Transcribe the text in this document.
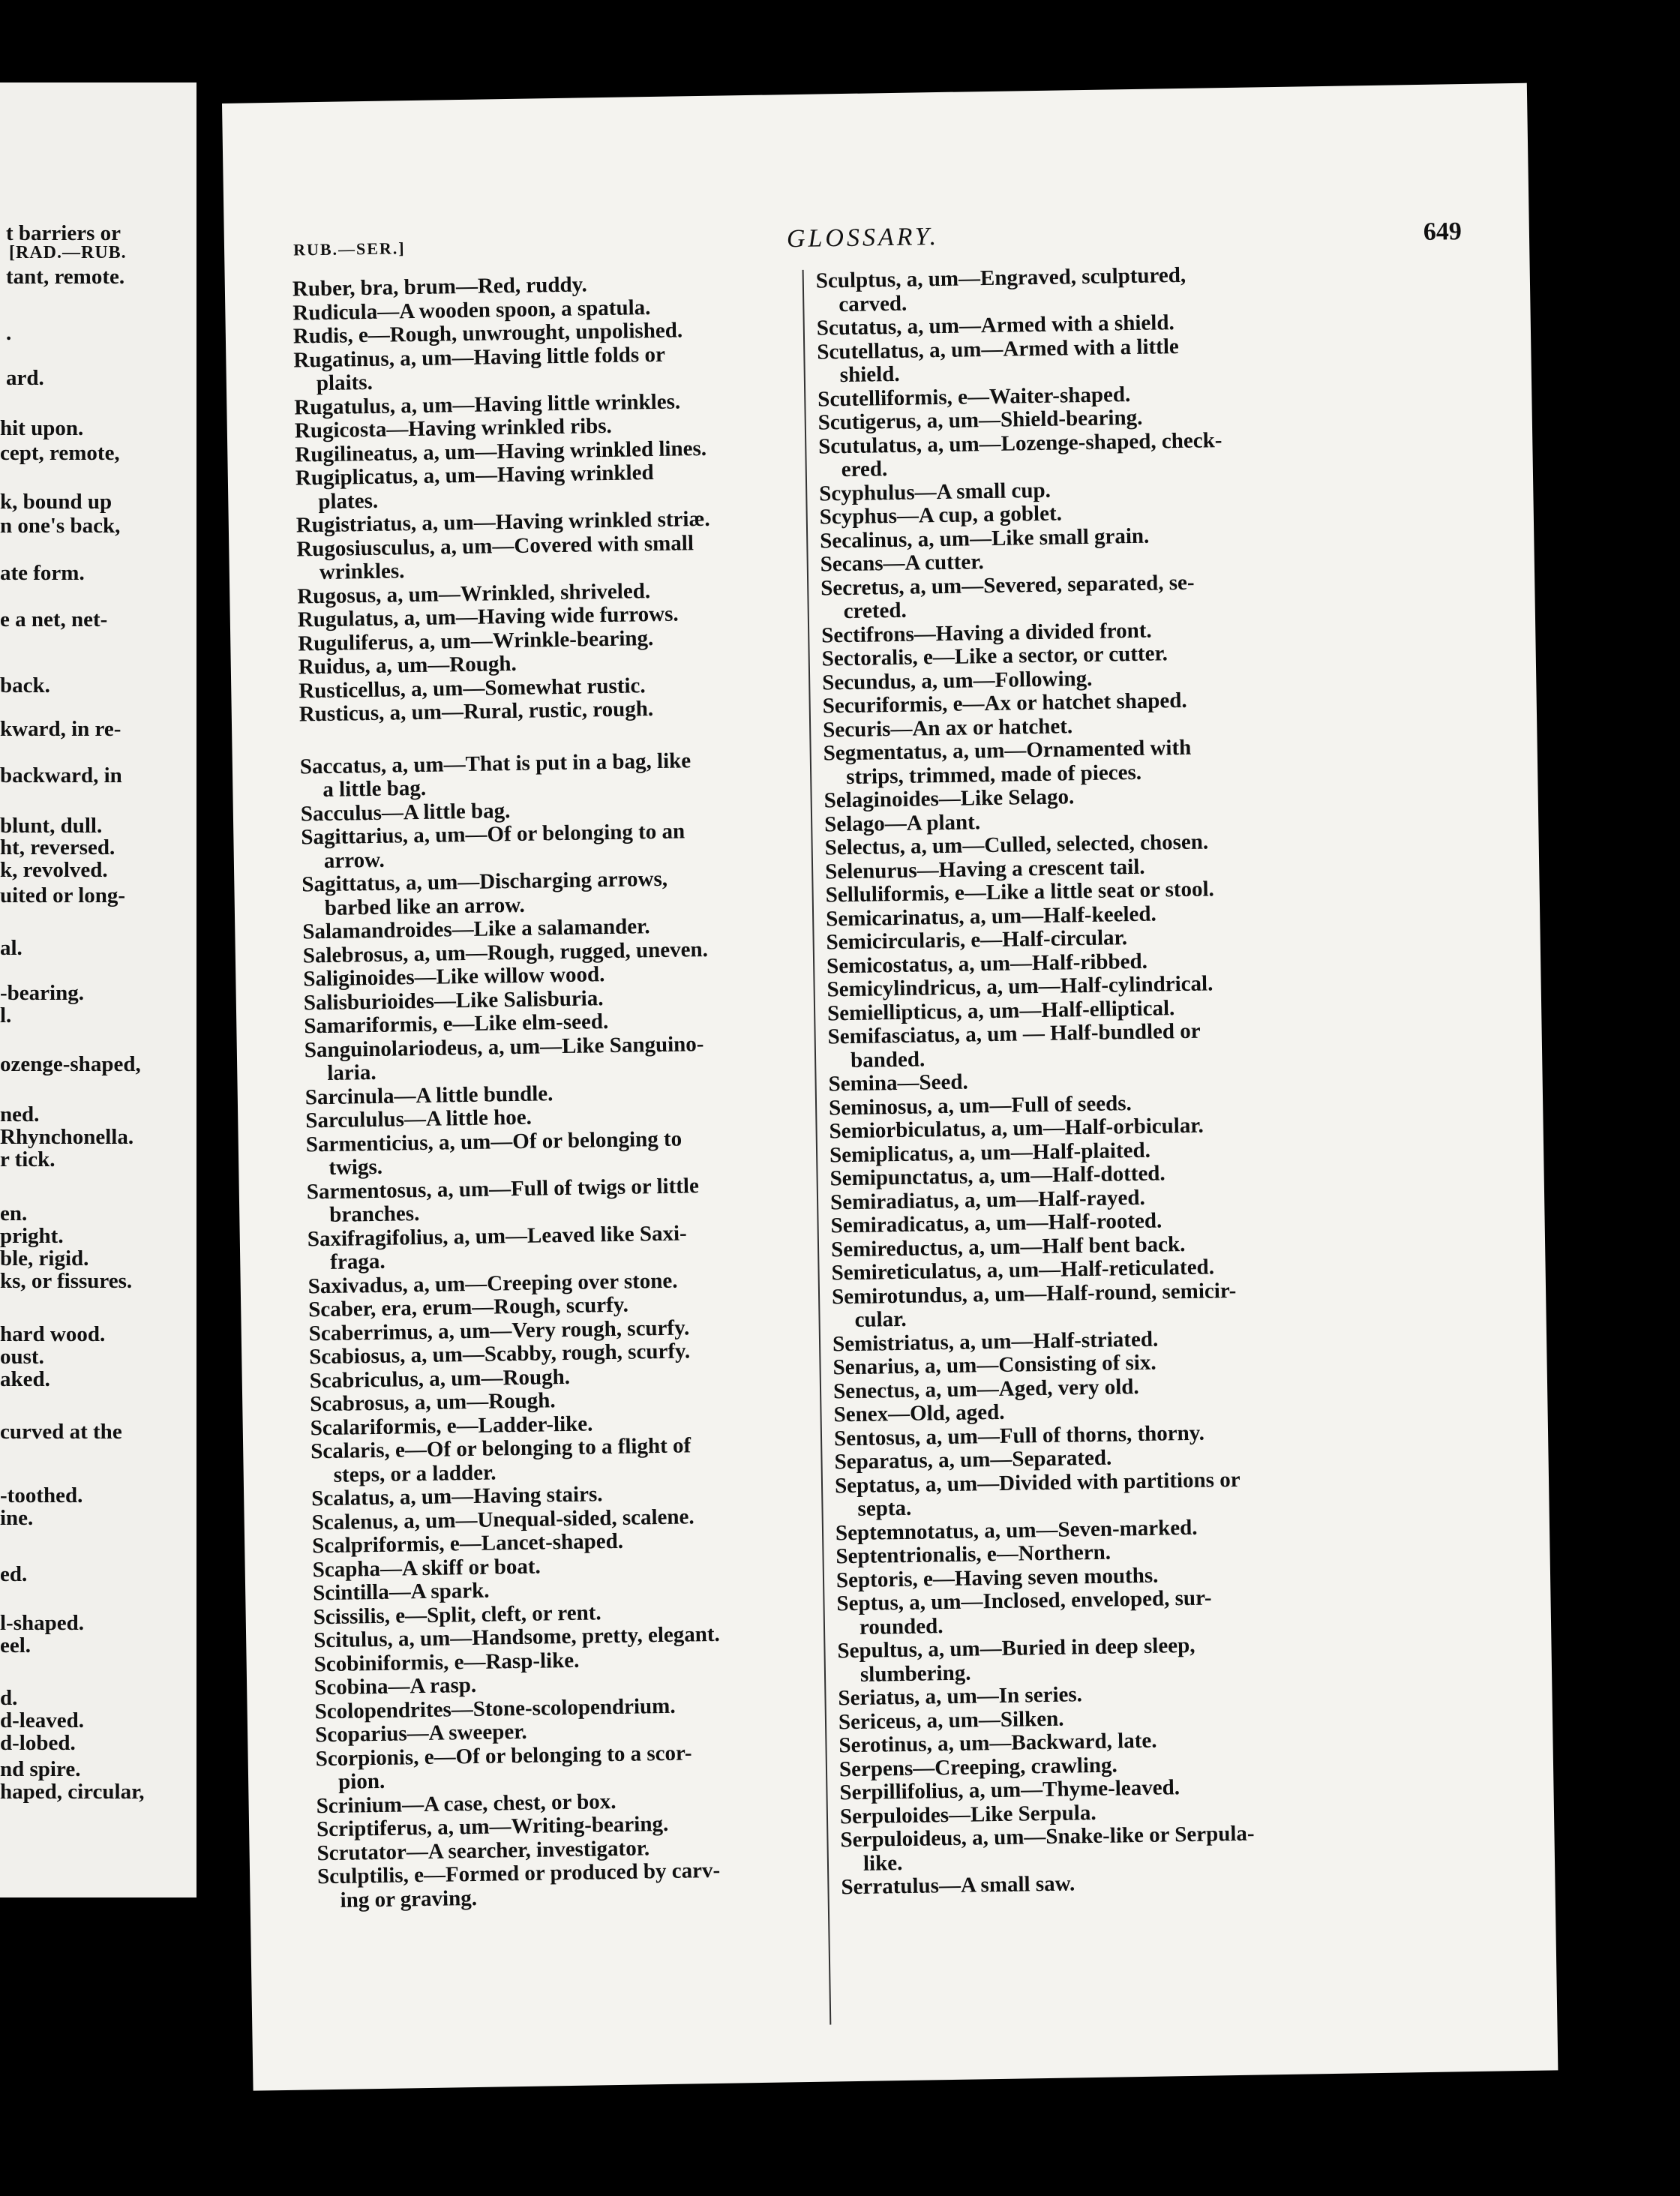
[RAD.—RUB.
t barriers or
tant, remote.
.
ard.
hit upon.
cept, remote,
k, bound up
n one's back,
ate form.
e a net, net-
back.
kward, in re-
backward, in
blunt, dull.
ht, reversed.
k, revolved.
uited or long-
al.
-bearing.
l.
ozenge-shaped,
ned.
Rhynchonella.
r tick.
en.
pright.
ble, rigid.
ks, or fissures.
hard wood.
oust.
aked.
curved at the
-toothed.
ine.
ed.
l-shaped.
eel.
d.
d-leaved.
d-lobed.
nd spire.
haped, circular,
RUB.—SER.]	GLOSSARY.	649
Ruber, bra, brum—Red, ruddy.
Rudicula—A wooden spoon, a spatula.
Rudis, e—Rough, unwrought, unpolished.
Rugatinus, a, um—Having little folds or
plaits.
Rugatulus, a, um—Having little wrinkles.
Rugicosta—Having wrinkled ribs.
Rugilineatus, a, um—Having wrinkled lines.
Rugiplicatus, a, um—Having wrinkled
plates.
Rugistriatus, a, um—Having wrinkled striæ.
Rugosiusculus, a, um—Covered with small
wrinkles.
Rugosus, a, um—Wrinkled, shriveled.
Rugulatus, a, um—Having wide furrows.
Ruguliferus, a, um—Wrinkle-bearing.
Ruidus, a, um—Rough.
Rusticellus, a, um—Somewhat rustic.
Rusticus, a, um—Rural, rustic, rough.
Saccatus, a, um—That is put in a bag, like
a little bag.
Sacculus—A little bag.
Sagittarius, a, um—Of or belonging to an
arrow.
Sagittatus, a, um—Discharging arrows,
barbed like an arrow.
Salamandroides—Like a salamander.
Salebrosus, a, um—Rough, rugged, uneven.
Saliginoides—Like willow wood.
Salisburioides—Like Salisburia.
Samariformis, e—Like elm-seed.
Sanguinolariodeus, a, um—Like Sanguino-
laria.
Sarcinula—A little bundle.
Sarcululus—A little hoe.
Sarmenticius, a, um—Of or belonging to
twigs.
Sarmentosus, a, um—Full of twigs or little
branches.
Saxifragifolius, a, um—Leaved like Saxi-
fraga.
Saxivadus, a, um—Creeping over stone.
Scaber, era, erum—Rough, scurfy.
Scaberrimus, a, um—Very rough, scurfy.
Scabiosus, a, um—Scabby, rough, scurfy.
Scabriculus, a, um—Rough.
Scabrosus, a, um—Rough.
Scalariformis, e—Ladder-like.
Scalaris, e—Of or belonging to a flight of
steps, or a ladder.
Scalatus, a, um—Having stairs.
Scalenus, a, um—Unequal-sided, scalene.
Scalpriformis, e—Lancet-shaped.
Scapha—A skiff or boat.
Scintilla—A spark.
Scissilis, e—Split, cleft, or rent.
Scitulus, a, um—Handsome, pretty, elegant.
Scobiniformis, e—Rasp-like.
Scobina—A rasp.
Scolopendrites—Stone-scolopendrium.
Scoparius—A sweeper.
Scorpionis, e—Of or belonging to a scor-
pion.
Scrinium—A case, chest, or box.
Scriptiferus, a, um—Writing-bearing.
Scrutator—A searcher, investigator.
Sculptilis, e—Formed or produced by carv-
ing or graving.
Sculptus, a, um—Engraved, sculptured,
carved.
Scutatus, a, um—Armed with a shield.
Scutellatus, a, um—Armed with a little
shield.
Scutelliformis, e—Waiter-shaped.
Scutigerus, a, um—Shield-bearing.
Scutulatus, a, um—Lozenge-shaped, check-
ered.
Scyphulus—A small cup.
Scyphus—A cup, a goblet.
Secalinus, a, um—Like small grain.
Secans—A cutter.
Secretus, a, um—Severed, separated, se-
creted.
Sectifrons—Having a divided front.
Sectoralis, e—Like a sector, or cutter.
Secundus, a, um—Following.
Securiformis, e—Ax or hatchet shaped.
Securis—An ax or hatchet.
Segmentatus, a, um—Ornamented with
strips, trimmed, made of pieces.
Selaginoides—Like Selago.
Selago—A plant.
Selectus, a, um—Culled, selected, chosen.
Selenurus—Having a crescent tail.
Selluliformis, e—Like a little seat or stool.
Semicarinatus, a, um—Half-keeled.
Semicircularis, e—Half-circular.
Semicostatus, a, um—Half-ribbed.
Semicylindricus, a, um—Half-cylindrical.
Semiellipticus, a, um—Half-elliptical.
Semifasciatus, a, um — Half-bundled or
banded.
Semina—Seed.
Seminosus, a, um—Full of seeds.
Semiorbiculatus, a, um—Half-orbicular.
Semiplicatus, a, um—Half-plaited.
Semipunctatus, a, um—Half-dotted.
Semiradiatus, a, um—Half-rayed.
Semiradicatus, a, um—Half-rooted.
Semireductus, a, um—Half bent back.
Semireticulatus, a, um—Half-reticulated.
Semirotundus, a, um—Half-round, semicir-
cular.
Semistriatus, a, um—Half-striated.
Senarius, a, um—Consisting of six.
Senectus, a, um—Aged, very old.
Senex—Old, aged.
Sentosus, a, um—Full of thorns, thorny.
Separatus, a, um—Separated.
Septatus, a, um—Divided with partitions or
septa.
Septemnotatus, a, um—Seven-marked.
Septentrionalis, e—Northern.
Septoris, e—Having seven mouths.
Septus, a, um—Inclosed, enveloped, sur-
rounded.
Sepultus, a, um—Buried in deep sleep,
slumbering.
Seriatus, a, um—In series.
Sericeus, a, um—Silken.
Serotinus, a, um—Backward, late.
Serpens—Creeping, crawling.
Serpillifolius, a, um—Thyme-leaved.
Serpuloides—Like Serpula.
Serpuloideus, a, um—Snake-like or Serpula-
like.
Serratulus—A small saw.
